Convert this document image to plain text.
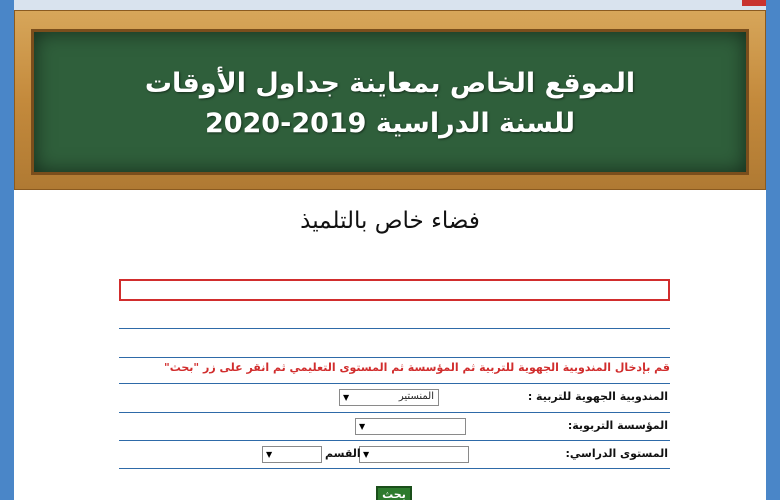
الموقع الخاص بمعاينة جداول الأوقات
للسنة الدراسية 2019-2020
فضاء خاص بالتلميذ
قم بإدخال المندوبية الجهوية للتربية ثم المؤسسة ثم المستوى التعليمي ثم انقر على زر "بحث"
المندوبية الجهوية للتربية :
▼	المنستير
المؤسسة التربوية:
▼
المستوى الدراسي:
▼
القسم
▼
بحث
